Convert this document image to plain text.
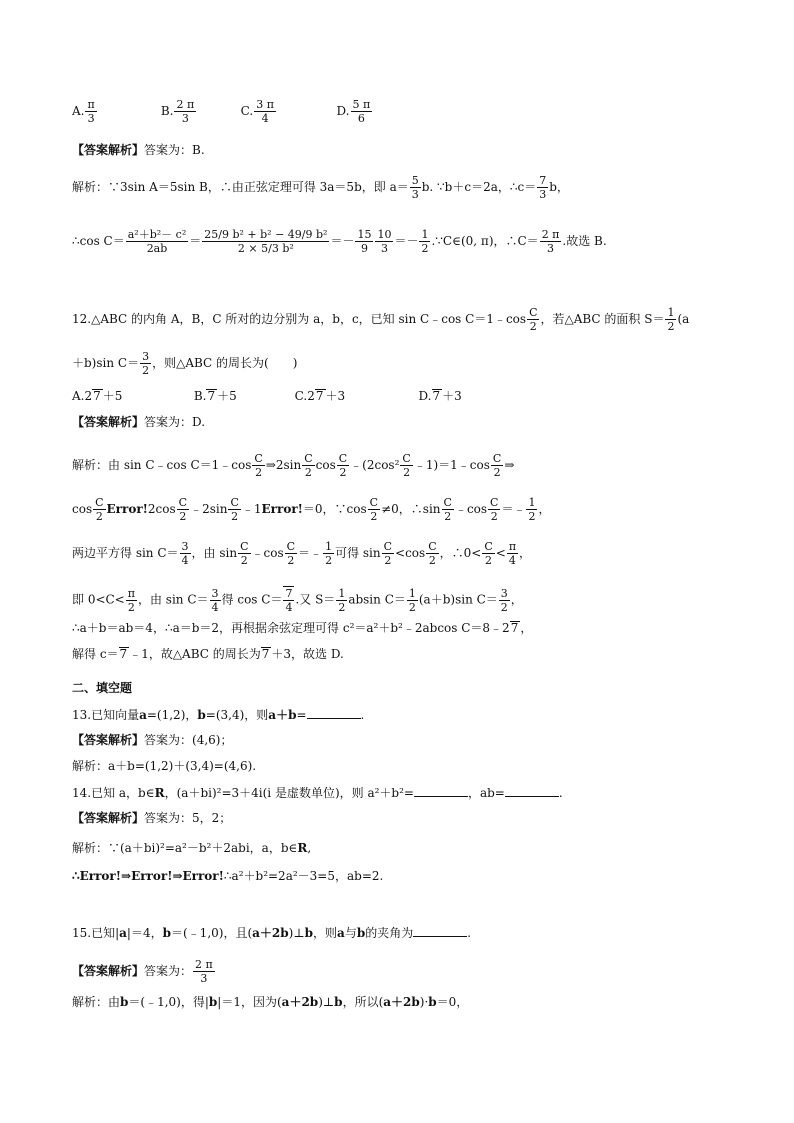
A. $\frac{\pi}{3}$	B. $\frac{2 \pi}{3}$	C. $\frac{3 \pi}{4}$	D. $\frac{5 \pi}{6}$
【答案解析】答案为：B.
解析：∵3sin A＝5sin B，∴由正弦定理可得 3a＝5b，即 $a= \frac{5}{3} b$. ∵b＋c＝2a，∴c＝ $\frac{7}{3}$ b，
∴cos $C= \frac{\text{a²＋b²－ c²}}{2ab} = \frac{\text{25/9 b² + b² − 49/9 b²}}{\text{2 × 5/3 b²}} =- \frac{15}{9} \frac{10}{3} =- \frac{1}{2}$ .∵C∈(0, π)，∴C＝ $\frac{2 \pi}{3}$ .故选 B.
12.△ABC 的内角 A，B，C 所对的边分别为 a，b，c，已知 sin C﹣cos C＝1﹣cos $\frac{C}{2}$ ，若△ABC 的面积 $S= \frac{1}{2} (a$
＋b)sin $C= \frac{3}{2}$ ，则△ABC 的周长为(　　)
A.27 ＋5	B.7 ＋5	C.27 ＋3	D.7 ＋3
【答案解析】答案为：D.
解析：由 sin C﹣cos C＝1﹣cos $\frac{C}{2}$ ⇒2sin $\frac{C}{2}$ $\cos \frac{C}{2}$ ﹣(2cos² $\frac{C}{2}$ ﹣1)＝1﹣cos $\frac{C}{2}$ ⇒
$\cos \frac{C}{2}$ Error!2cos $\frac{C}{2}$ ﹣2sin $\frac{C}{2}$ ﹣1Error!＝0，∵cos $\frac{C}{2} \ne 0$，∴sin $\frac{C}{2}$ ﹣cos $\frac{C}{2}$ ＝﹣ $\frac{1}{2}$ ，
两边平方得 $\sin C= \frac{3}{4}$ ，由 $\sin \frac{C}{2}$ ﹣cos $\frac{C}{2}$ ＝﹣ $\frac{1}{2}$ 可得 $\sin \frac{C}{2} <\cos \frac{C}{2}$ ，∴0< $\frac{C}{2} < \frac{\pi}{4}$ ，
即 $0<C< \frac{\pi}{2}$ ，由 $\sin C= \frac{3}{4}$ 得 $\cos C= \frac{7}{4}$ .又 $S= \frac{1}{2}$ absin $C= \frac{1}{2} (a+b)\sin$ $C= \frac{3}{2}$ ，
∴a＋b＝ab＝4，∴a＝b＝2，再根据余弦定理可得 c²＝a²＋b²﹣2abcos C＝8﹣27 ，
解得 c＝7 ﹣1，故△ABC 的周长为7 ＋3，故选 D.
二、填空题
13.已知向量a=(1,2)，b=(3,4)，则a＋b=	.
【答案解析】答案为：(4,6)；
解析：a＋b=(1,2)＋(3,4)=(4,6).
14.已知 a，b∈R，(a＋bi)²=3＋4i(i 是虚数单位)，则 a²＋b²=	，ab=	.
【答案解析】答案为：5，2；
解析：∵(a＋bi)²=a²－b²＋2abi，a，b∈R,
∴Error!⇒Error!⇒Error!∴a²＋b²=2a²－3=5，ab=2.
15.已知|a|＝4，b＝(﹣1,0)，且(a＋2b)⊥b，则a与b的夹角为	.
【答案解析】答案为： $\frac{2 \pi}{3}$
解析：由b＝(﹣1,0)，得|b|＝1，因为(a＋2b)⊥b，所以(a＋2b)·b＝0，
